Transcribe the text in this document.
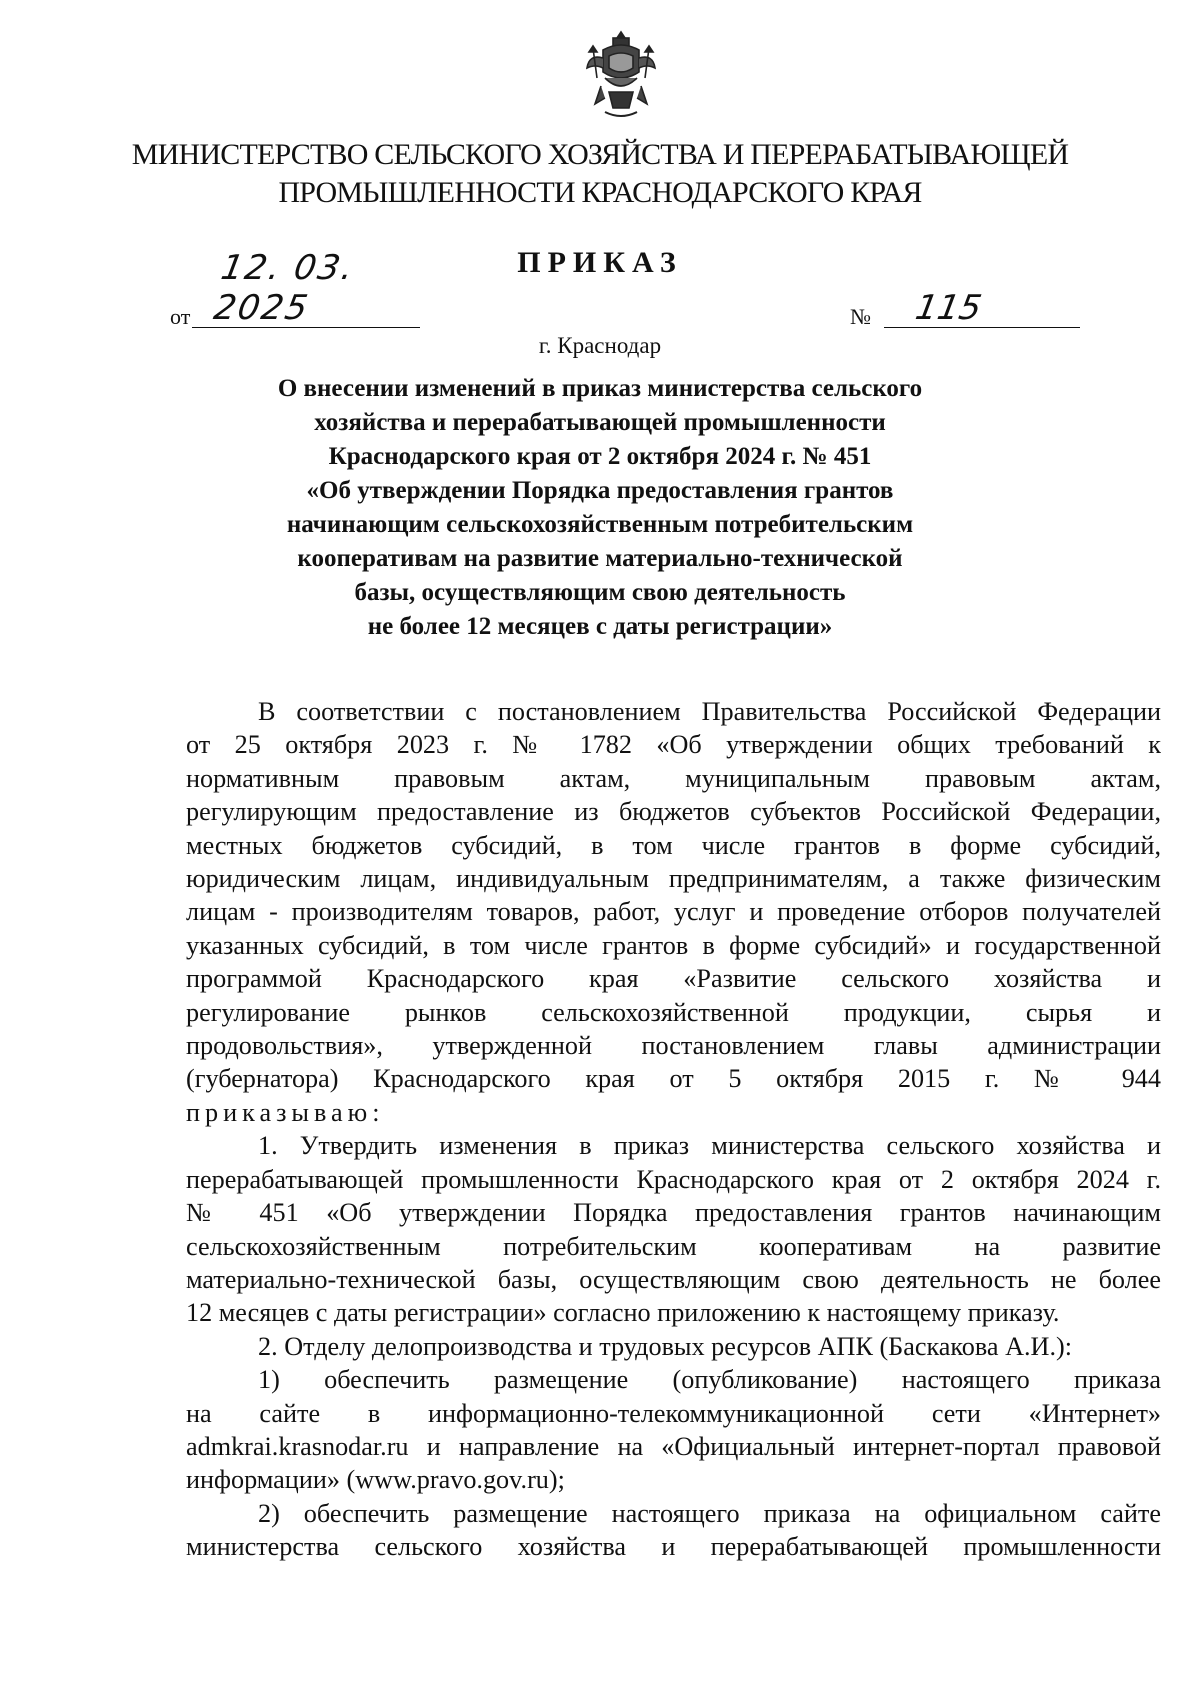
МИНИСТЕРСТВО СЕЛЬСКОГО ХОЗЯЙСТВА И ПЕРЕРАБАТЫВАЮЩЕЙ
ПРОМЫШЛЕННОСТИ КРАСНОДАРСКОГО КРАЯ
ПРИКАЗ
от
12. 03. 2025	№ 115
г. Краснодар
О внесении изменений в приказ министерства сельского
хозяйства и перерабатывающей промышленности
Краснодарского края от 2 октября 2024 г. № 451
«Об утверждении Порядка предоставления грантов
начинающим сельскохозяйственным потребительским
кооперативам на развитие материально-технической
базы, осуществляющим свою деятельность
не более 12 месяцев с даты регистрации»
В соответствии с постановлением Правительства Российской Федерации
от 25 октября 2023 г. № 1782 «Об утверждении общих требований к
нормативным правовым актам, муниципальным правовым актам,
регулирующим предоставление из бюджетов субъектов Российской Федерации,
местных бюджетов субсидий, в том числе грантов в форме субсидий,
юридическим лицам, индивидуальным предпринимателям, а также физическим
лицам - производителям товаров, работ, услуг и проведение отборов получателей
указанных субсидий, в том числе грантов в форме субсидий» и государственной
программой Краснодарского края «Развитие сельского хозяйства и
регулирование рынков сельскохозяйственной продукции, сырья и
продовольствия», утвержденной постановлением главы администрации
(губернатора) Краснодарского края от 5 октября 2015 г. № 944
приказываю:
1. Утвердить изменения в приказ министерства сельского хозяйства и
перерабатывающей промышленности Краснодарского края от 2 октября 2024 г.
№ 451 «Об утверждении Порядка предоставления грантов начинающим
сельскохозяйственным потребительским кооперативам на развитие
материально-технической базы, осуществляющим свою деятельность не более
12 месяцев с даты регистрации» согласно приложению к настоящему приказу.
2. Отделу делопроизводства и трудовых ресурсов АПК (Баскакова А.И.):
1) обеспечить размещение (опубликование) настоящего приказа
на сайте в информационно-телекоммуникационной сети «Интернет»
admkrai.krasnodar.ru и направление на «Официальный интернет-портал правовой
информации» (www.pravo.gov.ru);
2) обеспечить размещение настоящего приказа на официальном сайте
министерства сельского хозяйства и перерабатывающей промышленности
